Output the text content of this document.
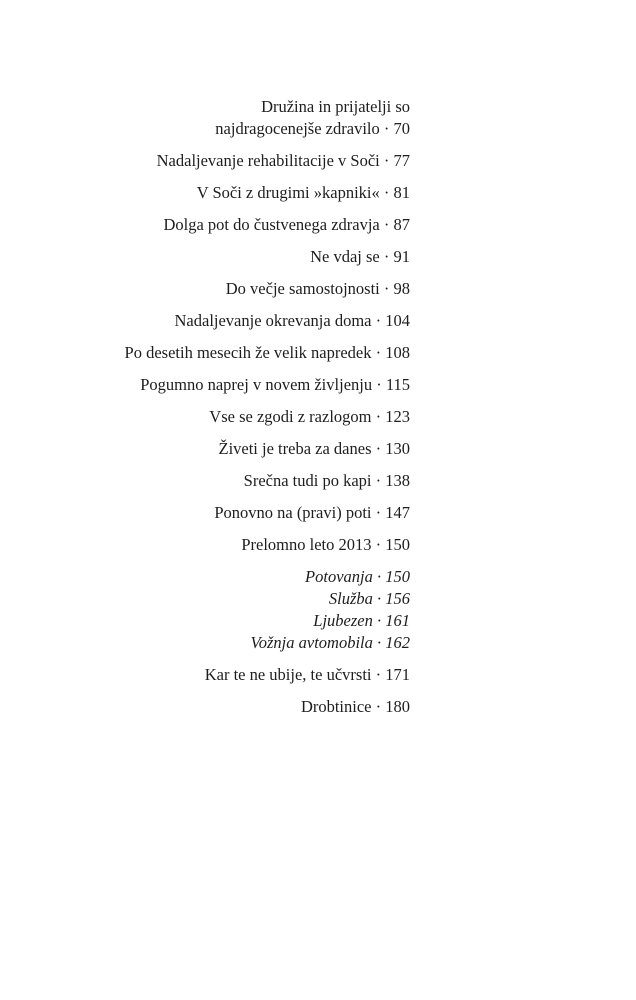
Družina in prijatelji so
najdragocenejše zdravilo · 70
Nadaljevanje rehabilitacije v Soči · 77
V Soči z drugimi »kapniki« · 81
Dolga pot do čustvenega zdravja · 87
Ne vdaj se · 91
Do večje samostojnosti · 98
Nadaljevanje okrevanja doma · 104
Po desetih mesecih že velik napredek · 108
Pogumno naprej v novem življenju · 115
Vse se zgodi z razlogom · 123
Živeti je treba za danes · 130
Srečna tudi po kapi · 138
Ponovno na (pravi) poti · 147
Prelomno leto 2013 · 150
Potovanja · 150
Služba · 156
Ljubezen · 161
Vožnja avtomobila · 162
Kar te ne ubije, te učvrsti · 171
Drobtinice · 180
